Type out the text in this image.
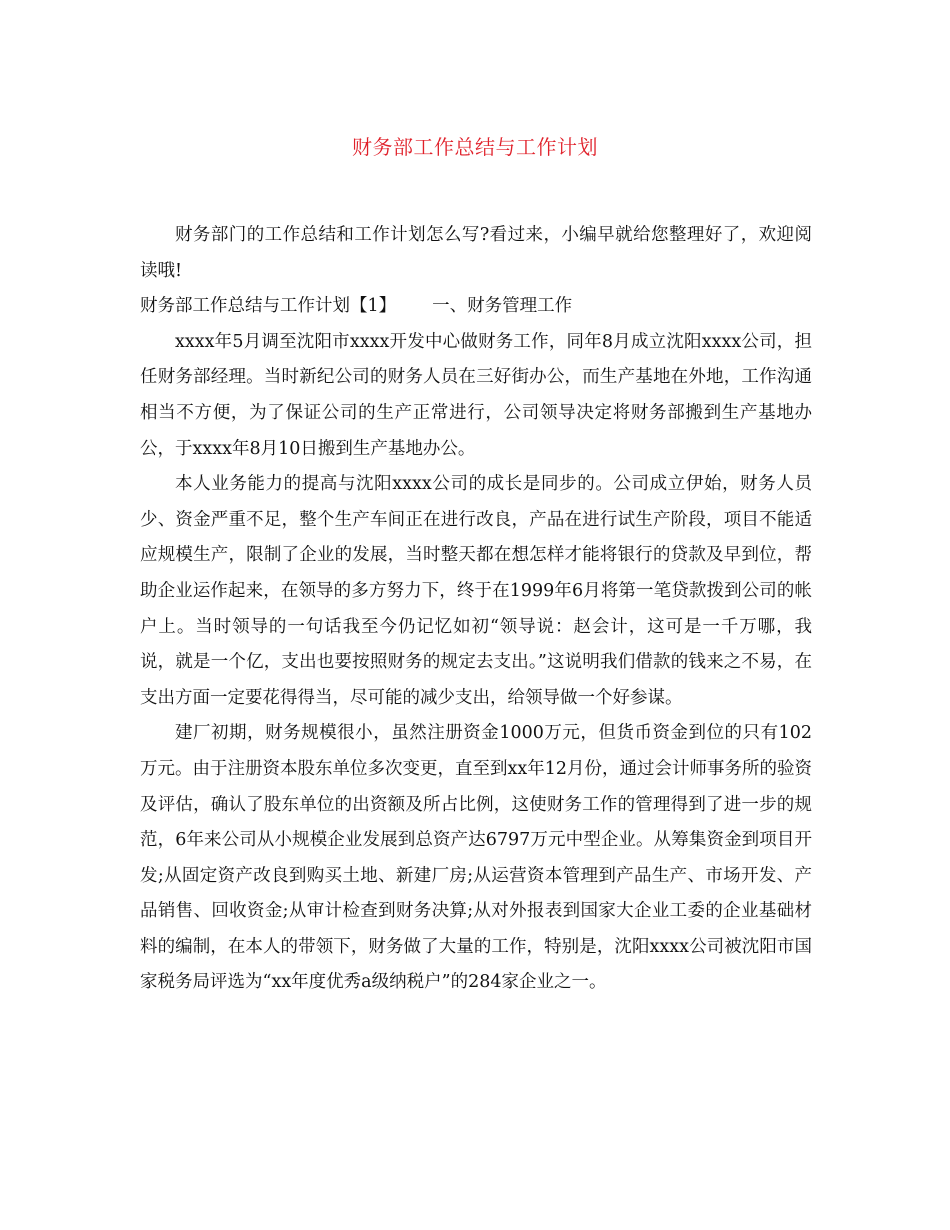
财务部工作总结与工作计划

财务部门的工作总结和工作计划怎么写?看过来，小编早就给您整理好了，欢迎阅读哦!

财务部工作总结与工作计划【1】 一、财务管理工作

xxxx年5月调至沈阳市xxxx开发中心做财务工作，同年8月成立沈阳xxxx公司，担任财务部经理。当时新纪公司的财务人员在三好街办公，而生产基地在外地，工作沟通相当不方便，为了保证公司的生产正常进行，公司领导决定将财务部搬到生产基地办公，于xxxx年8月10日搬到生产基地办公。

本人业务能力的提高与沈阳xxxx公司的成长是同步的。公司成立伊始，财务人员少、资金严重不足，整个生产车间正在进行改良，产品在进行试生产阶段，项目不能适应规模生产，限制了企业的发展，当时整天都在想怎样才能将银行的贷款及早到位，帮助企业运作起来，在领导的多方努力下，终于在1999年6月将第一笔贷款拨到公司的帐户上。当时领导的一句话我至今仍记忆如初“领导说：赵会计，这可是一千万哪，我说，就是一个亿，支出也要按照财务的规定去支出。”这说明我们借款的钱来之不易，在支出方面一定要花得得当，尽可能的减少支出，给领导做一个好参谋。

建厂初期，财务规模很小，虽然注册资金1000万元，但货币资金到位的只有102万元。由于注册资本股东单位多次变更，直至到xx年12月份，通过会计师事务所的验资及评估，确认了股东单位的出资额及所占比例，这使财务工作的管理得到了进一步的规范，6年来公司从小规模企业发展到总资产达6797万元中型企业。从筹集资金到项目开发;从固定资产改良到购买土地、新建厂房;从运营资本管理到产品生产、市场开发、产品销售、回收资金;从审计检查到财务决算;从对外报表到国家大企业工委的企业基础材料的编制，在本人的带领下，财务做了大量的工作，特别是，沈阳xxxx公司被沈阳市国家税务局评选为“xx年度优秀a级纳税户”的284家企业之一。
